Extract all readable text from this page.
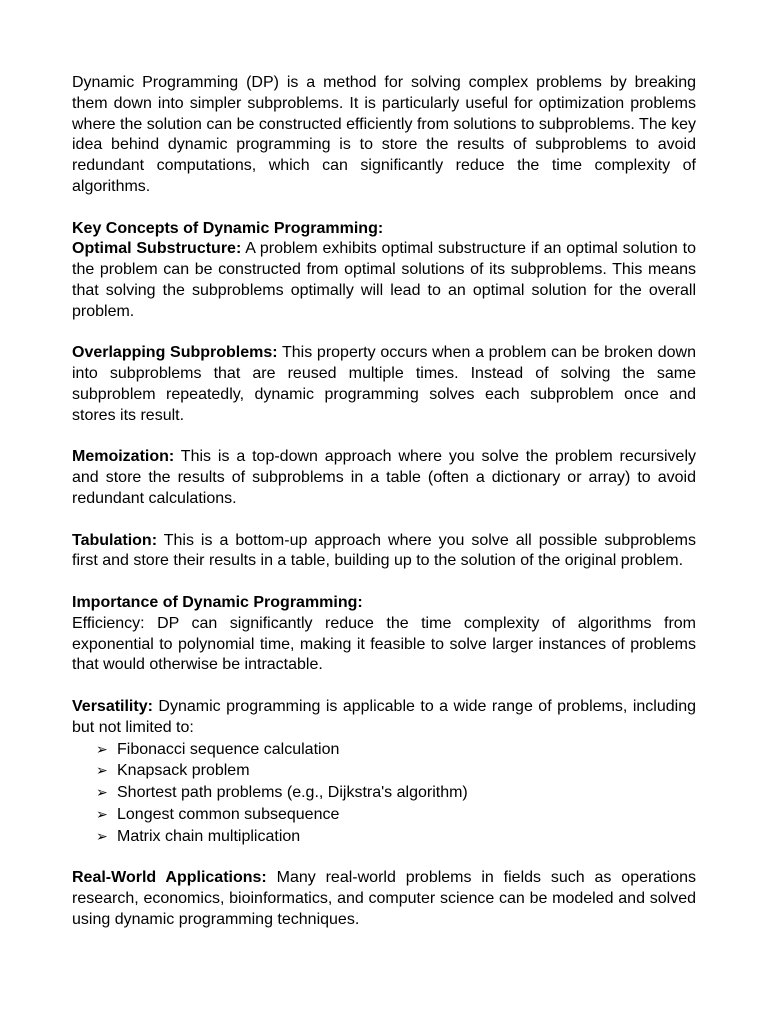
Dynamic Programming (DP) is a method for solving complex problems by breaking them down into simpler subproblems. It is particularly useful for optimization problems where the solution can be constructed efficiently from solutions to subproblems. The key idea behind dynamic programming is to store the results of subproblems to avoid redundant computations, which can significantly reduce the time complexity of algorithms.

Key Concepts of Dynamic Programming:

Optimal Substructure: A problem exhibits optimal substructure if an optimal solution to the problem can be constructed from optimal solutions of its subproblems. This means that solving the subproblems optimally will lead to an optimal solution for the overall problem.

Overlapping Subproblems: This property occurs when a problem can be broken down into subproblems that are reused multiple times. Instead of solving the same subproblem repeatedly, dynamic programming solves each subproblem once and stores its result.

Memoization: This is a top-down approach where you solve the problem recursively and store the results of subproblems in a table (often a dictionary or array) to avoid redundant calculations.

Tabulation: This is a bottom-up approach where you solve all possible subproblems first and store their results in a table, building up to the solution of the original problem.

Importance of Dynamic Programming:

Efficiency: DP can significantly reduce the time complexity of algorithms from exponential to polynomial time, making it feasible to solve larger instances of problems that would otherwise be intractable.

Versatility: Dynamic programming is applicable to a wide range of problems, including but not limited to:

➢ Fibonacci sequence calculation
➢ Knapsack problem
➢ Shortest path problems (e.g., Dijkstra's algorithm)
➢ Longest common subsequence
➢ Matrix chain multiplication

Real-World Applications: Many real-world problems in fields such as operations research, economics, bioinformatics, and computer science can be modeled and solved using dynamic programming techniques.
